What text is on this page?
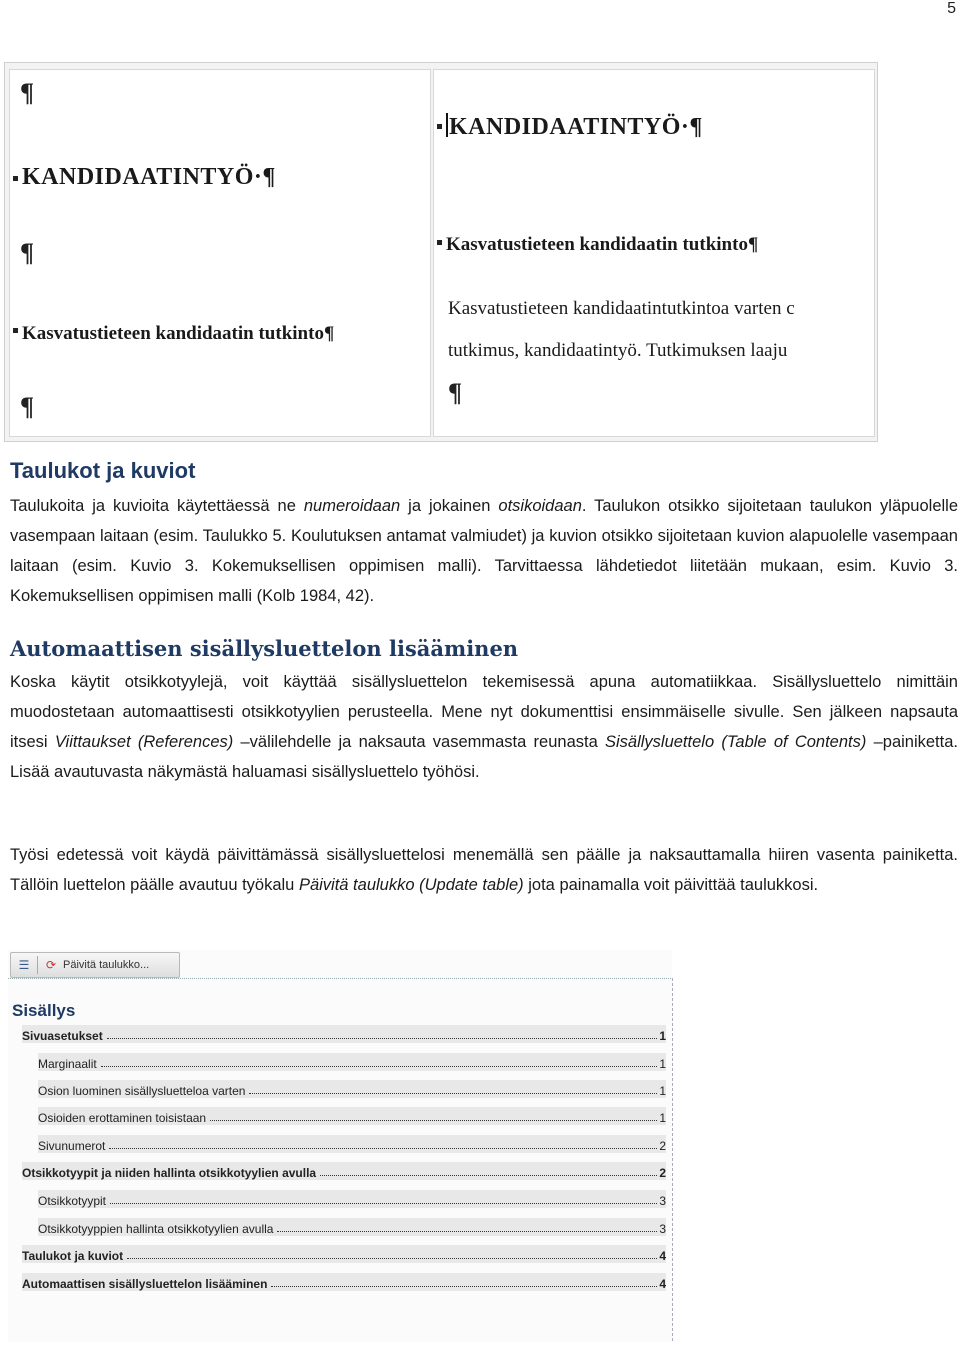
5
¶
KANDIDAATINTYÖ·¶
¶
Kasvatustieteen kandidaatin tutkinto¶
¶
KANDIDAATINTYÖ·¶
Kasvatustieteen kandidaatin tutkinto¶
Kasvatustieteen kandidaatintutkintoa varten c
tutkimus, kandidaatintyö. Tutkimuksen laaju
¶
Taulukot ja kuviot
Taulukoita ja kuvioita käytettäessä ne numeroidaan ja jokainen otsikoidaan. Taulukon otsikko sijoitetaan taulukon yläpuolelle vasempaan laitaan (esim. Taulukko 5. Koulutuksen antamat valmiudet) ja kuvion otsikko sijoitetaan kuvion alapuolelle vasempaan laitaan (esim. Kuvio 3. Kokemuksellisen oppimisen malli). Tarvittaessa lähdetiedot liitetään mukaan, esim. Kuvio 3. Kokemuksellisen oppimisen malli (Kolb 1984, 42).
Automaattisen sisällysluettelon lisääminen
Koska käytit otsikkotyylejä, voit käyttää sisällysluettelon tekemisessä apuna automatiikkaa. Sisällysluettelo nimittäin muodostetaan automaattisesti otsikkotyylien perusteella. Mene nyt dokumenttisi ensimmäiselle sivulle. Sen jälkeen napsauta itsesi Viittaukset (References) –välilehdelle ja naksauta vasemmasta reunasta Sisällysluettelo (Table of Contents) –painiketta. Lisää avautuvasta näkymästä haluamasi sisällysluettelo työhösi.
Työsi edetessä voit käydä päivittämässä sisällysluettelosi menemällä sen päälle ja naksauttamalla hiiren vasenta painiketta. Tällöin luettelon päälle avautuu työkalu Päivitä taulukko (Update table) jota painamalla voit päivittää taulukkosi.
☰ ⟳ Päivitä taulukko...
Sisällys
Sivuasetukset	1
Marginaalit	1
Osion luominen sisällysluetteloa varten	1
Osioiden erottaminen toisistaan	1
Sivunumerot	2
Otsikkotyypit ja niiden hallinta otsikkotyylien avulla	2
Otsikkotyypit	3
Otsikkotyyppien hallinta otsikkotyylien avulla	3
Taulukot ja kuviot	4
Automaattisen sisällysluettelon lisääminen	4
